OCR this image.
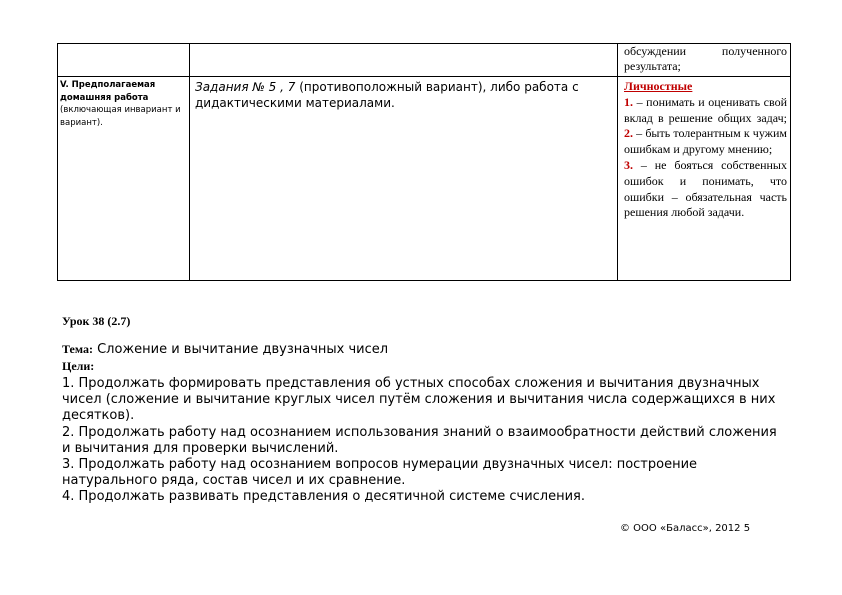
обсуждении полученного результата;
V. Предполагаемая домашняя работа
(включающая инвариант и вариант).
Задания № 5 , 7 (противоположный вариант), либо работа с дидактическими материалами.
Личностные
1. – понимать и оценивать свой вклад в решение общих задач; 2. – быть толерантным к чужим ошибкам и другому мнению;
3. – не бояться собственных ошибок и понимать, что ошибки – обязательная часть решения любой задачи.
Урок 38 (2.7)
Тема: Сложение и вычитание двузначных чисел
Цели:
1. Продолжать формировать представления об устных способах сложения и вычитания двузначных чисел (сложение и вычитание круглых чисел путём сложения и вычитания числа содержащихся в них десятков).
2. Продолжать работу над осознанием использования знаний о взаимообратности действий сложения и вычитания для проверки вычислений.
3. Продолжать работу над осознанием вопросов нумерации двузначных чисел: построение натурального ряда, состав чисел и их сравнение.
4. Продолжать развивать представления о десятичной системе счисления.
© ООО «Баласс», 2012 5
